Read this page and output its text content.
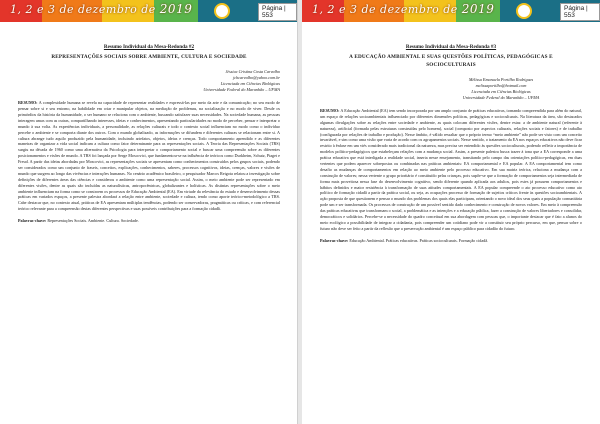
1, 2 e 3 de dezembro de 2019	Página | 553
Resumo Individual da Mesa-Redonda #2
REPRESENTAÇÕES SOCIAIS SOBRE AMBIENTE, CULTURA E SOCIEDADE
Jéssica Cristina Costa Carvalho
jchcarvalho@yahoo.com.br
Licenciada em Ciências Biológicas
Universidade Federal do Maranhão – UFMA
RESUMO: A complexidade humana se revela na capacidade de representar realidades e expressá-las por meio da arte e da comunicação; no seu modo de pensar sobre si e seu entorno, na habilidade em criar e manipular objetos, na mediação de problemas, na socialização e no modo de viver. Desde os primórdios da história da humanidade, o ser humano se relaciona com o ambiente, buscando satisfazer suas necessidades. Na sociedade humana, as pessoas interagem umas com as outras, compartilhando interesses, ideias e conhecimentos, apresentando particularidades no modo de perceber, pensar e interpretar o mundo à sua volta. As experiências individuais, a personalidade, as relações culturais e todo o contexto social influenciam no modo como o indivíduo percebe o ambiente e se comporta diante dos outros. Com o mundo globalizado, as informações se difundem e diferentes culturas se relacionam entre si. A cultura abrange tudo aquilo produzido pela humanidade, incluindo artefatos, objetos, ideias e crenças. Todo comportamento aprendido e as diferentes maneiras de organizar a vida social indicam a cultura como fator determinante para as representações sociais. A Teoria das Representações Sociais (TRS) surgiu na década de 1960 como uma alternativa da Psicologia para interpretar o comportamento social e buscar uma compreensão sobre as diferentes posicionamentos e visões de mundo. A TRS foi lançada por Serge Moscovici, que fundamentou-se na influência de teóricos como Durkheim, Schutz, Piaget e Freud. A partir das ideias abordadas por Moscovici, as representações sociais se apresentam como conhecimentos construídos pelos grupos sociais, podendo ser considerados como um conjunto de fraseis, conceitos, explicações, conhecimentos, saberes, processos cognitivos, ideias, crenças, valores e visões de mundo que surgem ao longo das vivências e interações humanas. No cenário acadêmico brasileiro, o pesquisador Marcos Reigota relatou a investigação sobre definições de diferentes áreas das ciências e considerou o ambiente como uma representação social. Assim, o meio ambiente pode ser representado em diferentes visões, dentre as quais são incluídas as naturalísticas, antropocêntricas, globalizantes e holísticas. As distintas representações sobre o meio ambiente influenciam na forma como se constroem os processos de Educação Ambiental (EA). Em virtude da relevância do estudo e desenvolvimento dessas práticas em variados espaços, a presente palestra abordará a relação entre ambiente, sociedade e cultura, tendo como aporte teórico-metodológico a TRS. Cabe destacar que, no contexto atual, práticas de EA apresentam múltiplas tendências, podendo ser conservadoras, pragmáticas ou críticas, e com referencial teórico relevante para a compreensão destas diferentes perspectivas e suas possíveis contribuições para a formação cidadã.
Palavras-chave: Representações Sociais. Ambiente. Cultura. Sociedade.
1, 2 e 3 de dezembro de 2019	Página | 553
Resumo Individual da Mesa-Redonda #3
A EDUCAÇÃO AMBIENTAL E SUAS QUESTÕES POLÍTICAS, PEDAGÓGICAS E
SOCIOCULTURAIS
Mélissa Emanuela Portilho Rodrigues
melissaportilho@hotmail.com
Licenciada em Ciências Biológicas
Universidade Federal do Maranhão – UFMA
RESUMO: A Educação Ambiental (EA) tem sendo incorporada por um amplo conjunto de práticas educativas, tornando compreendida para além do natural, um espaço de relações socioambientais influenciado por diferentes dimensões políticas, pedagógicas e socioculturais. Na literatura da área, são destacados algumas divulgações sobre as relações entre sociedade e ambiente, as quais colocam diferentes visões, dentre estas: a de ambiente natural (referente à natureza), artificial (formada pelas estruturas construídas pelo homem), social (composto por aspectos culturais, relações sociais e fatores) e de trabalho (configurada por relações de trabalho e produção). Nesse âmbito, é válido ressaltar que o próprio termo “meio ambiente” não pode ser visto com um conceito invariável, e sim como uma visão que varia de acordo com os agrupamentos sociais. Nesse sentido, o tratamento da EA nos espaços educativos não deve ficar restrito à ênfase em um viés considerado mais tradicional da natureza, mas precisa ser entendido às questões socioculturais, podendo refletir a importância de modelos político-pedagógicos que estabeleçam relações com a mudança social. Assim, a presente palestra busca trazer à tona que a EA corresponde a uma prática educativa que está interligada a realidade social, inserta nesse ensejamento, transitando pelo campo das orientações político-pedagógicas, em duas vertentes que podem aparecer sobrepostas ou combinadas nas práticas ambientais: EA comportamental e EA popular. A EA comportamental tem como desafio as mudanças de comportamentos em relação ao meio ambiente pelo processo educativo. Em sua matriz teórica, relaciona a mudança com a construção de valores; nessa vertente o grupo prioritário é constituído pelas crianças, pois supõe-se que a formação de comportamentos seja intermediada de forma mais proveitosa nessa fase do desenvolvimento cognitivo, sendo diferente quando aplicada aos adultos, pois estes já possuem comportamentos e hábitos definidos e maior resistência à transformação de suas atitudes comportamentais. A EA popular compreende o ato processo educativo como ato político de formação cidadã a partir da prática social, ou seja, as ocupações processo de formação de sujeitos críticos frente às questões socioambientais. A ação proposta de que questionem e pensar o mundo dos problemas dos quais elas participam, orientando o novo ideal dos seus quais a população comunitária pode um e ser transformada. Os processos de construção de um possível sentido dado conhecimento e construção de novos valores. Em meio à compreensão das práticas educativas que transformam o social, a problemática e as intenções e a educação pública, fazer a construção de valores libertadores e consolidar, democráticos e solidários. Percebe-se a necessidade do quadro conceitual em sua abordagem com pessoas que, o importante destacar que é fato a alunos do meio ecológico a possibilidade de integrar a cidadania, pois compreender um cotidiano pode vir a constituir seu próprio percurso, em que, pensar sobre o futuro não deve ser feito a partir da reflexão que a preservação ambiental é um espaço público para cidadão do futuro.
Palavras-chave: Educação Ambiental. Práticas educativas. Práticas socioculturais. Formação cidadã.
